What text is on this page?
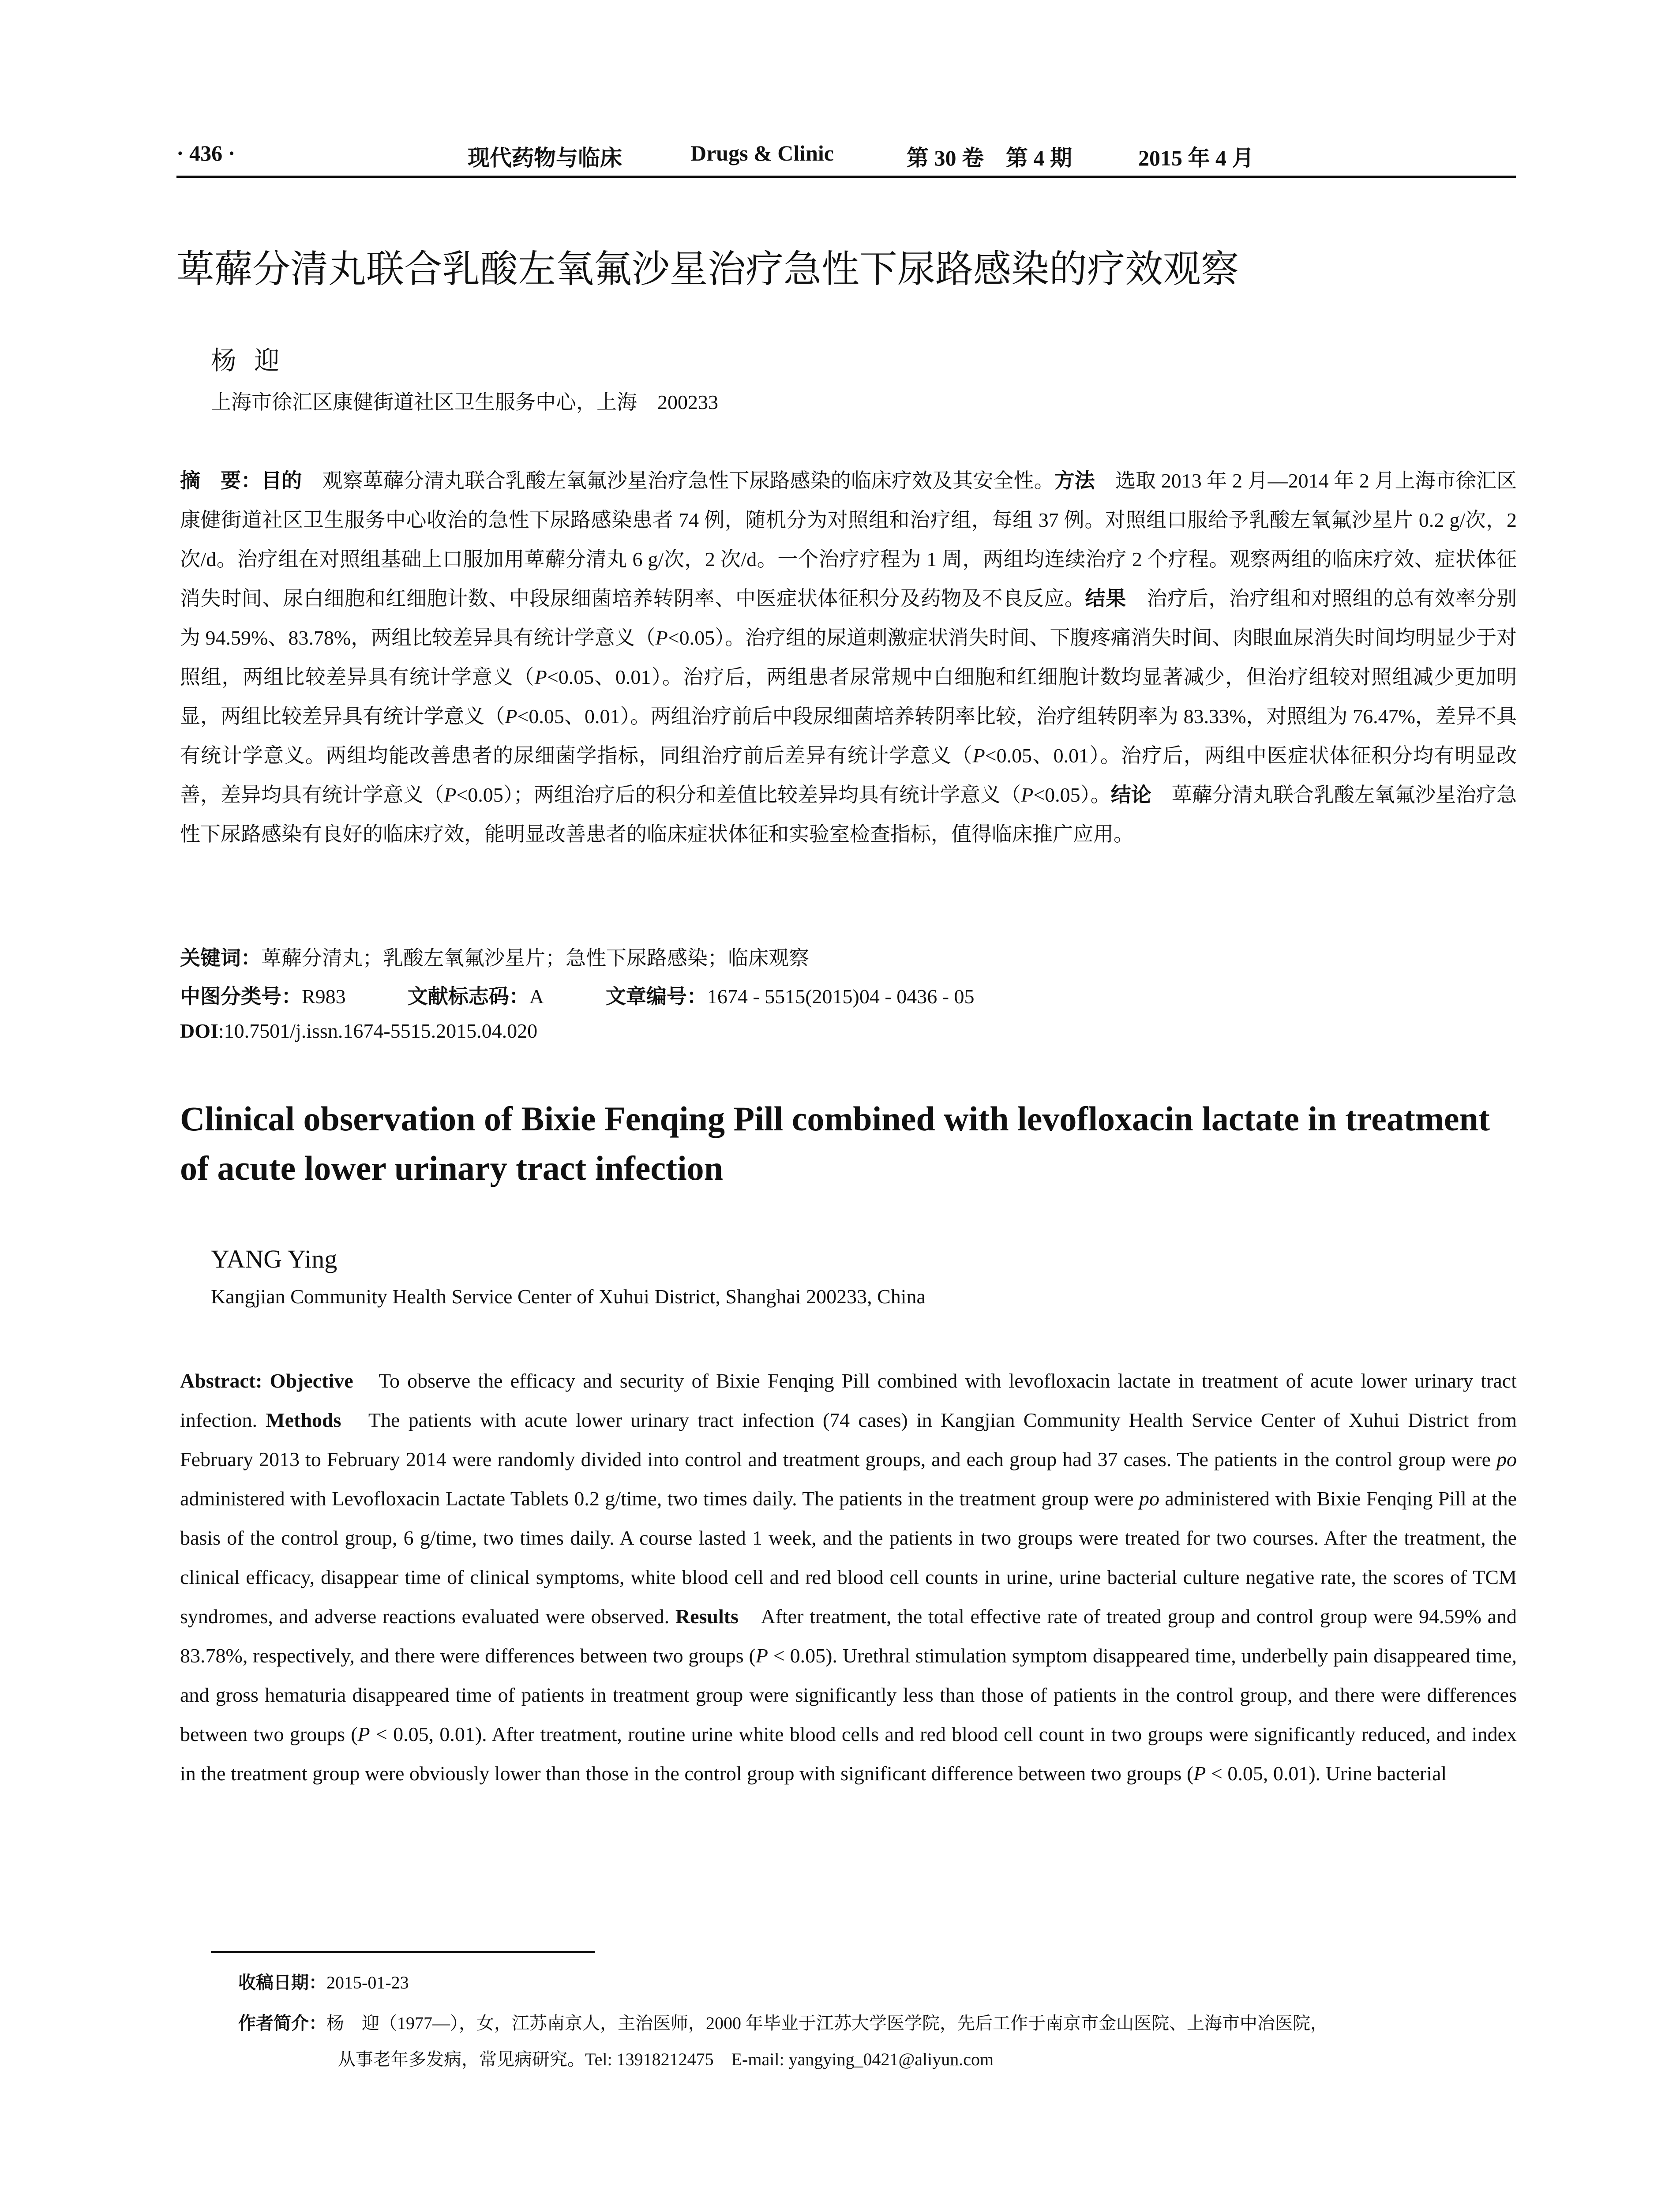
· 436 ·	现代药物与临床	Drugs & Clinic	第 30 卷　第 4 期	2015 年 4 月
萆薢分清丸联合乳酸左氧氟沙星治疗急性下尿路感染的疗效观察
杨迎
上海市徐汇区康健街道社区卫生服务中心，上海　200233
摘　要：目的　观察萆薢分清丸联合乳酸左氧氟沙星治疗急性下尿路感染的临床疗效及其安全性。方法　选取 2013 年 2 月—2014 年 2 月上海市徐汇区康健街道社区卫生服务中心收治的急性下尿路感染患者 74 例，随机分为对照组和治疗组，每组 37 例。对照组口服给予乳酸左氧氟沙星片 0.2 g/次，2 次/d。治疗组在对照组基础上口服加用萆薢分清丸 6 g/次，2 次/d。一个治疗疗程为 1 周，两组均连续治疗 2 个疗程。观察两组的临床疗效、症状体征消失时间、尿白细胞和红细胞计数、中段尿细菌培养转阴率、中医症状体征积分及药物及不良反应。结果　治疗后，治疗组和对照组的总有效率分别为 94.59%、83.78%，两组比较差异具有统计学意义（P<0.05）。治疗组的尿道刺激症状消失时间、下腹疼痛消失时间、肉眼血尿消失时间均明显少于对照组，两组比较差异具有统计学意义（P<0.05、0.01）。治疗后，两组患者尿常规中白细胞和红细胞计数均显著减少，但治疗组较对照组减少更加明显，两组比较差异具有统计学意义（P<0.05、0.01）。两组治疗前后中段尿细菌培养转阴率比较，治疗组转阴率为 83.33%，对照组为 76.47%，差异不具有统计学意义。两组均能改善患者的尿细菌学指标，同组治疗前后差异有统计学意义（P<0.05、0.01）。治疗后，两组中医症状体征积分均有明显改善，差异均具有统计学意义（P<0.05）；两组治疗后的积分和差值比较差异均具有统计学意义（P<0.05）。结论　萆薢分清丸联合乳酸左氧氟沙星治疗急性下尿路感染有良好的临床疗效，能明显改善患者的临床症状体征和实验室检查指标，值得临床推广应用。
关键词：萆薢分清丸；乳酸左氧氟沙星片；急性下尿路感染；临床观察
中图分类号：R983	文献标志码：A	文章编号：1674 - 5515(2015)04 - 0436 - 05
DOI:10.7501/j.issn.1674-5515.2015.04.020
Clinical observation of Bixie Fenqing Pill combined with levofloxacin lactate in treatment of acute lower urinary tract infection
YANG Ying
Kangjian Community Health Service Center of Xuhui District, Shanghai 200233, China
Abstract: Objective　To observe the efficacy and security of Bixie Fenqing Pill combined with levofloxacin lactate in treatment of acute lower urinary tract infection. Methods　The patients with acute lower urinary tract infection (74 cases) in Kangjian Community Health Service Center of Xuhui District from February 2013 to February 2014 were randomly divided into control and treatment groups, and each group had 37 cases. The patients in the control group were po administered with Levofloxacin Lactate Tablets 0.2 g/time, two times daily. The patients in the treatment group were po administered with Bixie Fenqing Pill at the basis of the control group, 6 g/time, two times daily. A course lasted 1 week, and the patients in two groups were treated for two courses. After the treatment, the clinical efficacy, disappear time of clinical symptoms, white blood cell and red blood cell counts in urine, urine bacterial culture negative rate, the scores of TCM syndromes, and adverse reactions evaluated were observed. Results　After treatment, the total effective rate of treated group and control group were 94.59% and 83.78%, respectively, and there were differences between two groups (P < 0.05). Urethral stimulation symptom disappeared time, underbelly pain disappeared time, and gross hematuria disappeared time of patients in treatment group were significantly less than those of patients in the control group, and there were differences between two groups (P < 0.05, 0.01). After treatment, routine urine white blood cells and red blood cell count in two groups were significantly reduced, and index in the treatment group were obviously lower than those in the control group with significant difference between two groups (P < 0.05, 0.01). Urine bacterial
收稿日期：2015-01-23
作者简介：杨　迎（1977—），女，江苏南京人，主治医师，2000 年毕业于江苏大学医学院，先后工作于南京市金山医院、上海市中冶医院，
从事老年多发病，常见病研究。Tel: 13918212475　E-mail: yangying_0421@aliyun.com
